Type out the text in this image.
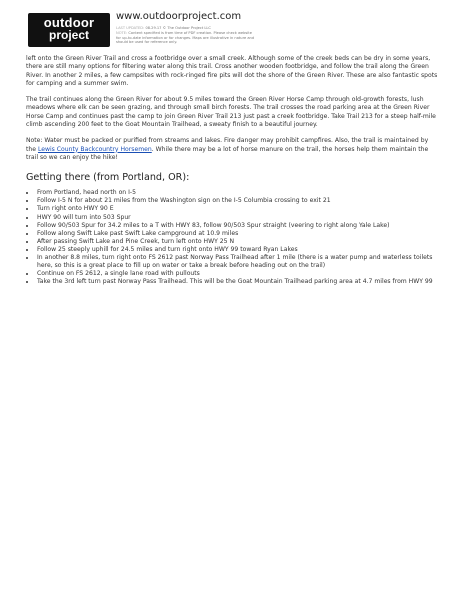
outdoor
project
www.outdoorproject.com
LAST UPDATED: 08.29.17 © The Outdoor Project LLC
NOTE: Content specified is from time of PDF creation. Please check website for up-to-date information or for changes. Maps are illustrative in nature and should be used for reference only.

left onto the Green River Trail and cross a footbridge over a small creek. Although some of the creek beds can be dry in some years, there are still many options for filtering water along this trail. Cross another wooden footbridge, and follow the trail along the Green River. In another 2 miles, a few campsites with rock-ringed fire pits will dot the shore of the Green River. These are also fantastic spots for camping and a summer swim.

The trail continues along the Green River for about 9.5 miles toward the Green River Horse Camp through old-growth forests, lush meadows where elk can be seen grazing, and through small birch forests. The trail crosses the road parking area at the Green River Horse Camp and continues past the camp to join Green River Trail 213 just past a creek footbridge. Take Trail 213 for a steep half-mile climb ascending 200 feet to the Goat Mountain Trailhead, a sweaty finish to a beautiful journey.

Note: Water must be packed or purified from streams and lakes. Fire danger may prohibit campfires. Also, the trail is maintained by the Lewis County Backcountry Horsemen. While there may be a lot of horse manure on the trail, the horses help them maintain the trail so we can enjoy the hike!

Getting there (from Portland, OR):
• From Portland, head north on I-5
• Follow I-5 N for about 21 miles from the Washington sign on the I-5 Columbia crossing to exit 21
• Turn right onto HWY 90 E
• HWY 90 will turn into 503 Spur
• Follow 90/503 Spur for 34.2 miles to a T with HWY 83, follow 90/503 Spur straight (veering to right along Yale Lake)
• Follow along Swift Lake past Swift Lake campground at 10.9 miles
• After passing Swift Lake and Pine Creek, turn left onto HWY 25 N
• Follow 25 steeply uphill for 24.5 miles and turn right onto HWY 99 toward Ryan Lakes
• In another 8.8 miles, turn right onto FS 2612 past Norway Pass Trailhead after 1 mile (there is a water pump and waterless toilets here, so this is a great place to fill up on water or take a break before heading out on the trail)
• Continue on FS 2612, a single lane road with pullouts
• Take the 3rd left turn past Norway Pass Trailhead. This will be the Goat Mountain Trailhead parking area at 4.7 miles from HWY 99
